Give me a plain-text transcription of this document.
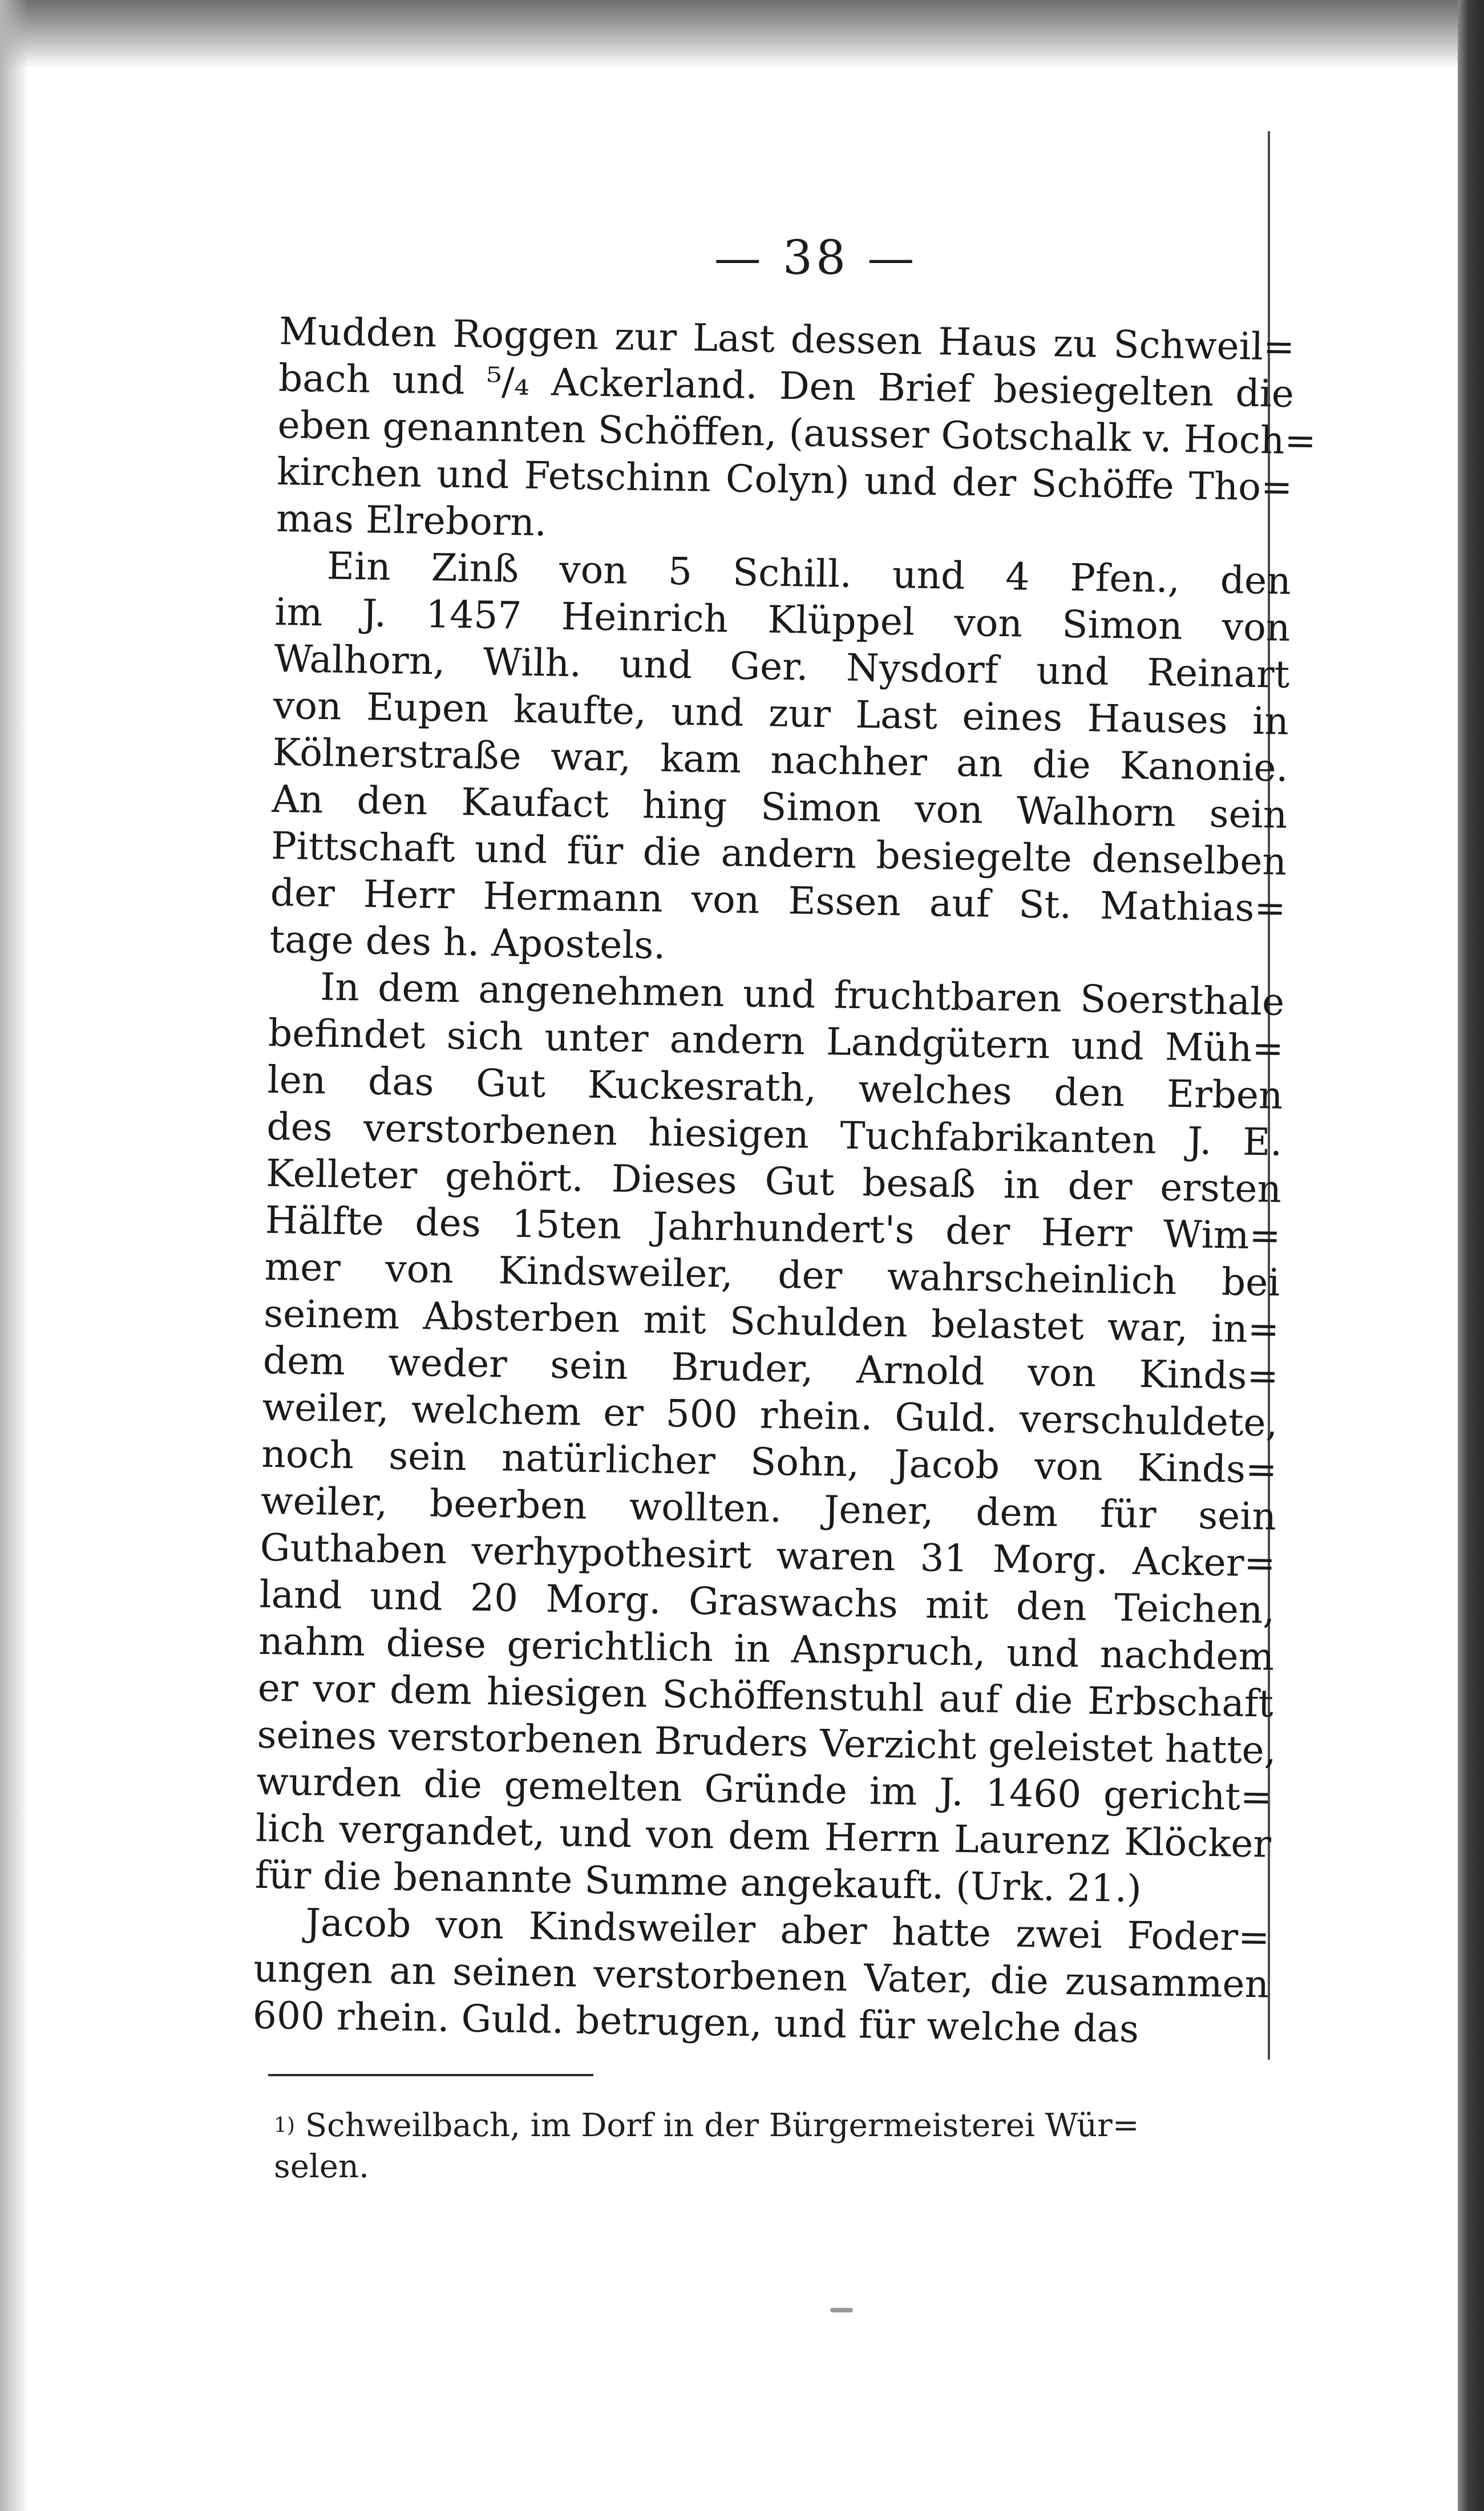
— 38 —
Mudden Roggen zur Last dessen Haus zu Schweil=
bach und ⁵/₄ Ackerland. Den Brief besiegelten die
eben genannten Schöffen, (ausser Gotschalk v. Hoch=
kirchen und Fetschinn Colyn) und der Schöffe Tho=
mas Elreborn.
Ein Zinß von 5 Schill. und 4 Pfen., den
im J. 1457 Heinrich Klüppel von Simon von
Walhorn, Wilh. und Ger. Nysdorf und Reinart
von Eupen kaufte, und zur Last eines Hauses in
Kölnerstraße war, kam nachher an die Kanonie.
An den Kaufact hing Simon von Walhorn sein
Pittschaft und für die andern besiegelte denselben
der Herr Hermann von Essen auf St. Mathias=
tage des h. Apostels.
In dem angenehmen und fruchtbaren Soersthale
befindet sich unter andern Landgütern und Müh=
len das Gut Kuckesrath, welches den Erben
des verstorbenen hiesigen Tuchfabrikanten J. E.
Kelleter gehört. Dieses Gut besaß in der ersten
Hälfte des 15ten Jahrhundert's der Herr Wim=
mer von Kindsweiler, der wahrscheinlich bei
seinem Absterben mit Schulden belastet war, in=
dem weder sein Bruder, Arnold von Kinds=
weiler, welchem er 500 rhein. Guld. verschuldete,
noch sein natürlicher Sohn, Jacob von Kinds=
weiler, beerben wollten. Jener, dem für sein
Guthaben verhypothesirt waren 31 Morg. Acker=
land und 20 Morg. Graswachs mit den Teichen,
nahm diese gerichtlich in Anspruch, und nachdem
er vor dem hiesigen Schöffenstuhl auf die Erbschaft
seines verstorbenen Bruders Verzicht geleistet hatte,
wurden die gemelten Gründe im J. 1460 gericht=
lich vergandet, und von dem Herrn Laurenz Klöcker
für die benannte Summe angekauft. (Urk. 21.)
Jacob von Kindsweiler aber hatte zwei Foder=
ungen an seinen verstorbenen Vater, die zusammen
600 rhein. Guld. betrugen, und für welche das
$^{1)}$ Schweilbach, im Dorf in der Bürgermeisterei Wür=
selen.
